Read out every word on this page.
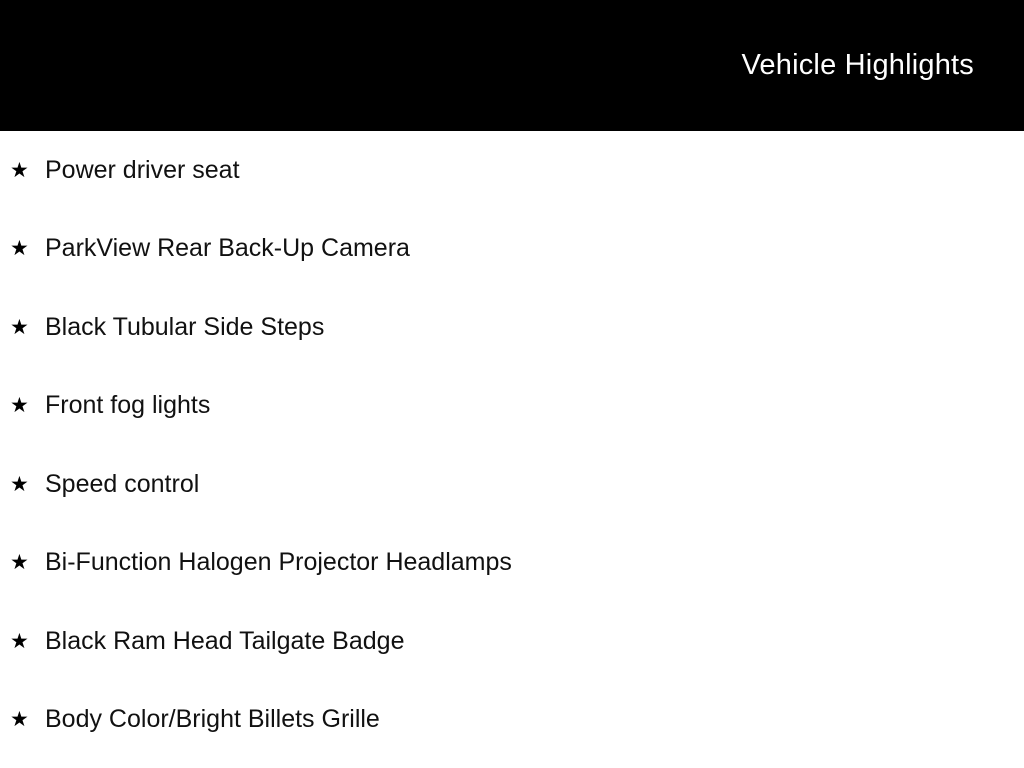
Vehicle Highlights
★ Power driver seat
★ ParkView Rear Back-Up Camera
★ Black Tubular Side Steps
★ Front fog lights
★ Speed control
★ Bi-Function Halogen Projector Headlamps
★ Black Ram Head Tailgate Badge
★ Body Color/Bright Billets Grille
